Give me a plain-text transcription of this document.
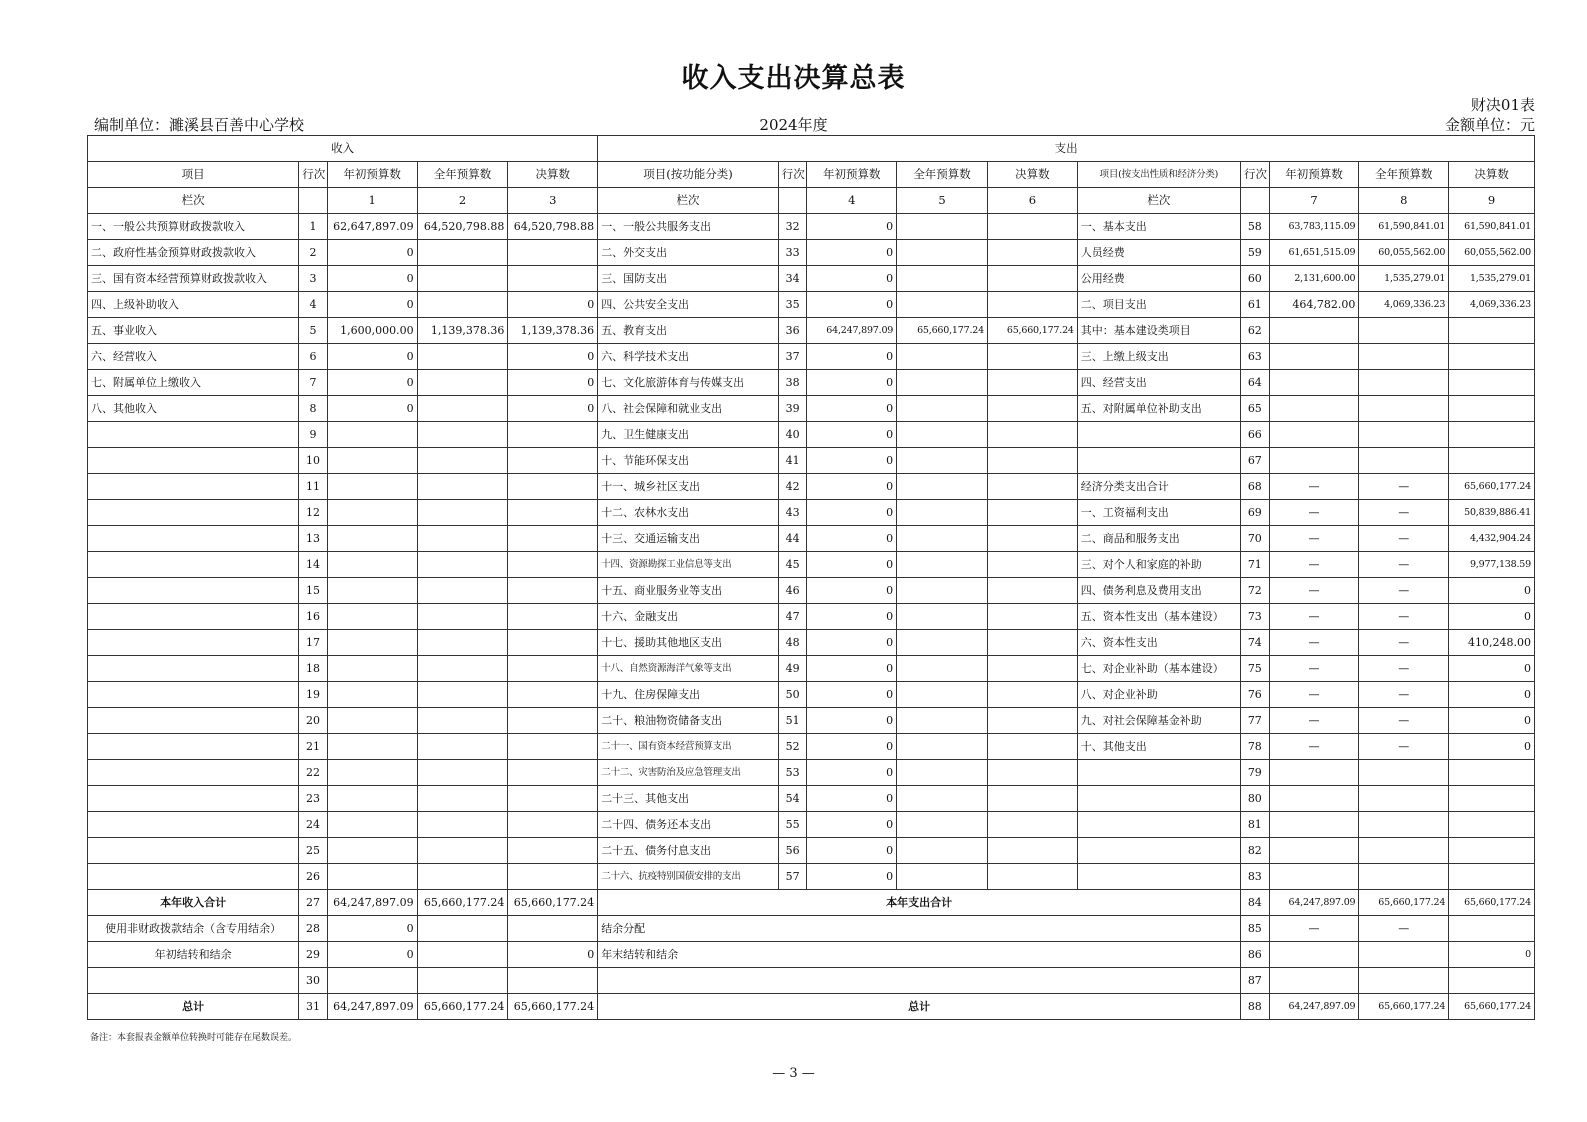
收入支出决算总表
财决01表
编制单位：濉溪县百善中心学校	2024年度	金额单位：元
收入					支出									
项目	行次	年初预算数	全年预算数	决算数	项目(按功能分类)	行次	年初预算数	全年预算数	决算数	项目(按支出性质和经济分类)	行次	年初预算数	全年预算数	决算数
栏次		1	2	3	栏次		4	5	6	栏次		7	8	9
一、一般公共预算财政拨款收入	1	62,647,897.09	64,520,798.88	64,520,798.88	一、一般公共服务支出	32	0			一、基本支出	58	63,783,115.09	61,590,841.01	61,590,841.01
二、政府性基金预算财政拨款收入	2	0			二、外交支出	33	0			人员经费	59	61,651,515.09	60,055,562.00	60,055,562.00
三、国有资本经营预算财政拨款收入	3	0			三、国防支出	34	0			公用经费	60	2,131,600.00	1,535,279.01	1,535,279.01
四、上级补助收入	4	0		0	四、公共安全支出	35	0			二、项目支出	61	464,782.00	4,069,336.23	4,069,336.23
五、事业收入	5	1,600,000.00	1,139,378.36	1,139,378.36	五、教育支出	36	64,247,897.09	65,660,177.24	65,660,177.24	其中：基本建设类项目	62			
六、经营收入	6	0		0	六、科学技术支出	37	0			三、上缴上级支出	63			
七、附属单位上缴收入	7	0		0	七、文化旅游体育与传媒支出	38	0			四、经营支出	64			
八、其他收入	8	0		0	八、社会保障和就业支出	39	0			五、对附属单位补助支出	65			
	9				九、卫生健康支出	40	0				66			
	10				十、节能环保支出	41	0				67			
	11				十一、城乡社区支出	42	0			经济分类支出合计	68	—	—	65,660,177.24
	12				十二、农林水支出	43	0			一、工资福利支出	69	—	—	50,839,886.41
	13				十三、交通运输支出	44	0			二、商品和服务支出	70	—	—	4,432,904.24
	14				十四、资源勘探工业信息等支出	45	0			三、对个人和家庭的补助	71	—	—	9,977,138.59
	15				十五、商业服务业等支出	46	0			四、债务利息及费用支出	72	—	—	0
	16				十六、金融支出	47	0			五、资本性支出（基本建设）	73	—	—	0
	17				十七、援助其他地区支出	48	0			六、资本性支出	74	—	—	410,248.00
	18				十八、自然资源海洋气象等支出	49	0			七、对企业补助（基本建设）	75	—	—	0
	19				十九、住房保障支出	50	0			八、对企业补助	76	—	—	0
	20				二十、粮油物资储备支出	51	0			九、对社会保障基金补助	77	—	—	0
	21				二十一、国有资本经营预算支出	52	0			十、其他支出	78	—	—	0
	22				二十二、灾害防治及应急管理支出	53	0				79			
	23				二十三、其他支出	54	0				80			
	24				二十四、债务还本支出	55	0				81			
	25				二十五、债务付息支出	56	0				82			
	26				二十六、抗疫特别国债安排的支出	57	0				83			
本年收入合计	27	64,247,897.09	65,660,177.24	65,660,177.24	本年支出合计						84	64,247,897.09	65,660,177.24	65,660,177.24
使用非财政拨款结余（含专用结余）	28	0			结余分配						85	—	—	
年初结转和结余	29	0		0	年末结转和结余						86			0
	30										87			
总计	31	64,247,897.09	65,660,177.24	65,660,177.24	总计						88	64,247,897.09	65,660,177.24	65,660,177.24
备注：本套报表金额单位转换时可能存在尾数误差。
— 3 —
